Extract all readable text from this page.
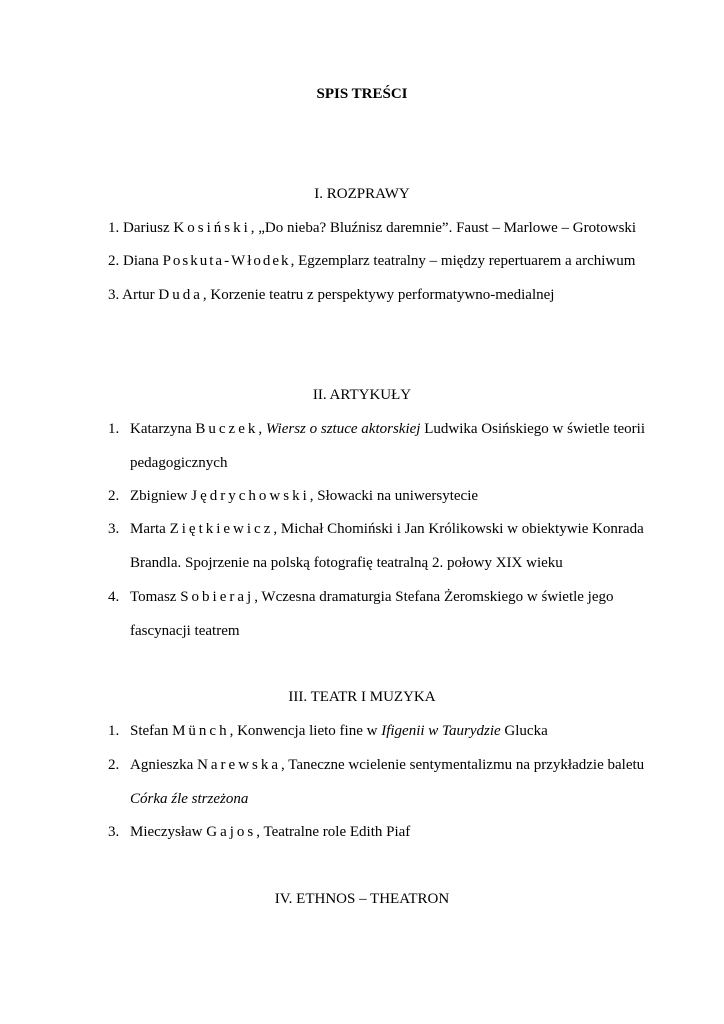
SPIS TREŚCI
I. ROZPRAWY
1. Dariusz Kosiński, „Do nieba? Bluźnisz daremnie”. Faust – Marlowe – Grotowski
2. Diana Poskuta-Włodek, Egzemplarz teatralny – między repertuarem a archiwum
3. Artur Duda, Korzenie teatru z perspektywy performatywno-medialnej
II. ARTYKUŁY
1. Katarzyna Buczek, Wiersz o sztuce aktorskiej Ludwika Osińskiego w świetle teorii
pedagogicznych
2. Zbigniew Jędrychowski, Słowacki na uniwersytecie
3. Marta Ziętkiewicz, Michał Chomiński i Jan Królikowski w obiektywie Konrada
Brandla. Spojrzenie na polską fotografię teatralną 2. połowy XIX wieku
4. Tomasz Sobieraj, Wczesna dramaturgia Stefana Żeromskiego w świetle jego
fascynacji teatrem
III. TEATR I MUZYKA
1. Stefan Münch, Konwencja lieto fine w Ifigenii w Taurydzie Glucka
2. Agnieszka Narewska, Taneczne wcielenie sentymentalizmu na przykładzie baletu
Córka źle strzeżona
3. Mieczysław Gajos, Teatralne role Edith Piaf
IV. ETHNOS – THEATRON
